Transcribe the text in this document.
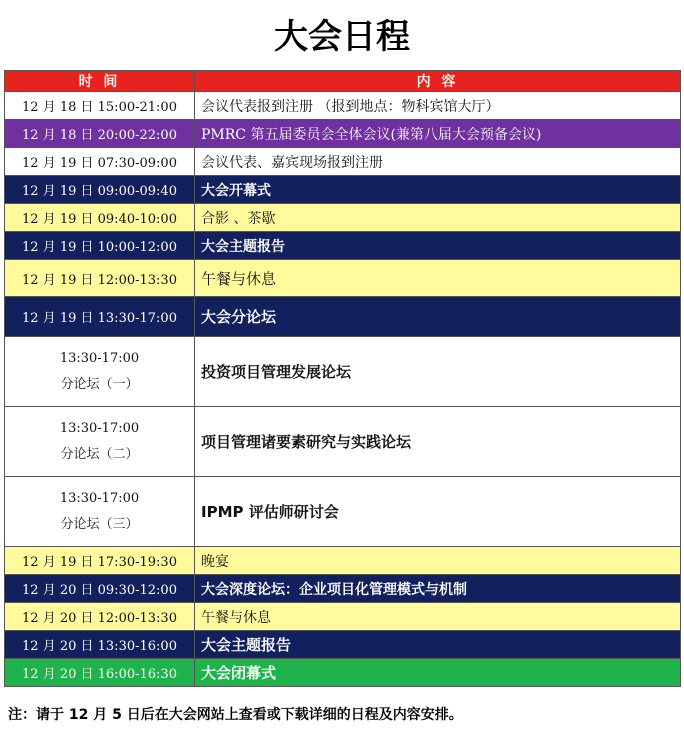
大会日程
时 间	内 容
12 月 18 日 15:00-21:00	会议代表报到注册 （报到地点：物科宾馆大厅）
12 月 18 日 20:00-22:00	PMRC 第五届委员会全体会议(兼第八届大会预备会议)
12 月 19 日 07:30-09:00	会议代表、嘉宾现场报到注册
12 月 19 日 09:00-09:40	大会开幕式
12 月 19 日 09:40-10:00	合影 、茶歇
12 月 19 日 10:00-12:00	大会主题报告
12 月 19 日 12:00-13:30	午餐与休息
12 月 19 日 13:30-17:00	大会分论坛

13:30-17:00
分论坛（一）	投资项目管理发展论坛

13:30-17:00
分论坛（二）	项目管理诸要素研究与实践论坛

13:30-17:00
分论坛（三）	IPMP 评估师研讨会
12 月 19 日 17:30-19:30	晚宴
12 月 20 日 09:30-12:00	大会深度论坛：企业项目化管理模式与机制
12 月 20 日 12:00-13:30	午餐与休息
12 月 20 日 13:30-16:00	大会主题报告
12 月 20 日 16:00-16:30	大会闭幕式
注：请于 12 月 5 日后在大会网站上查看或下载详细的日程及内容安排。
